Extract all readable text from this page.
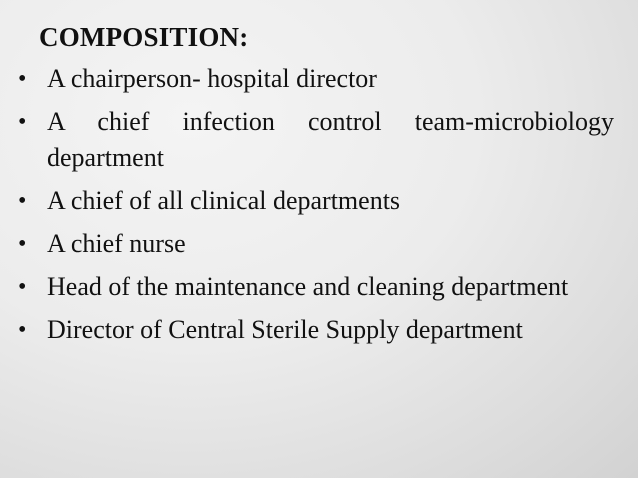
COMPOSITION:
• A chairperson- hospital director
• A chief infection control team-microbiology department
• A chief of all clinical departments
• A chief nurse
• Head of the maintenance and cleaning department
• Director of Central Sterile Supply department
